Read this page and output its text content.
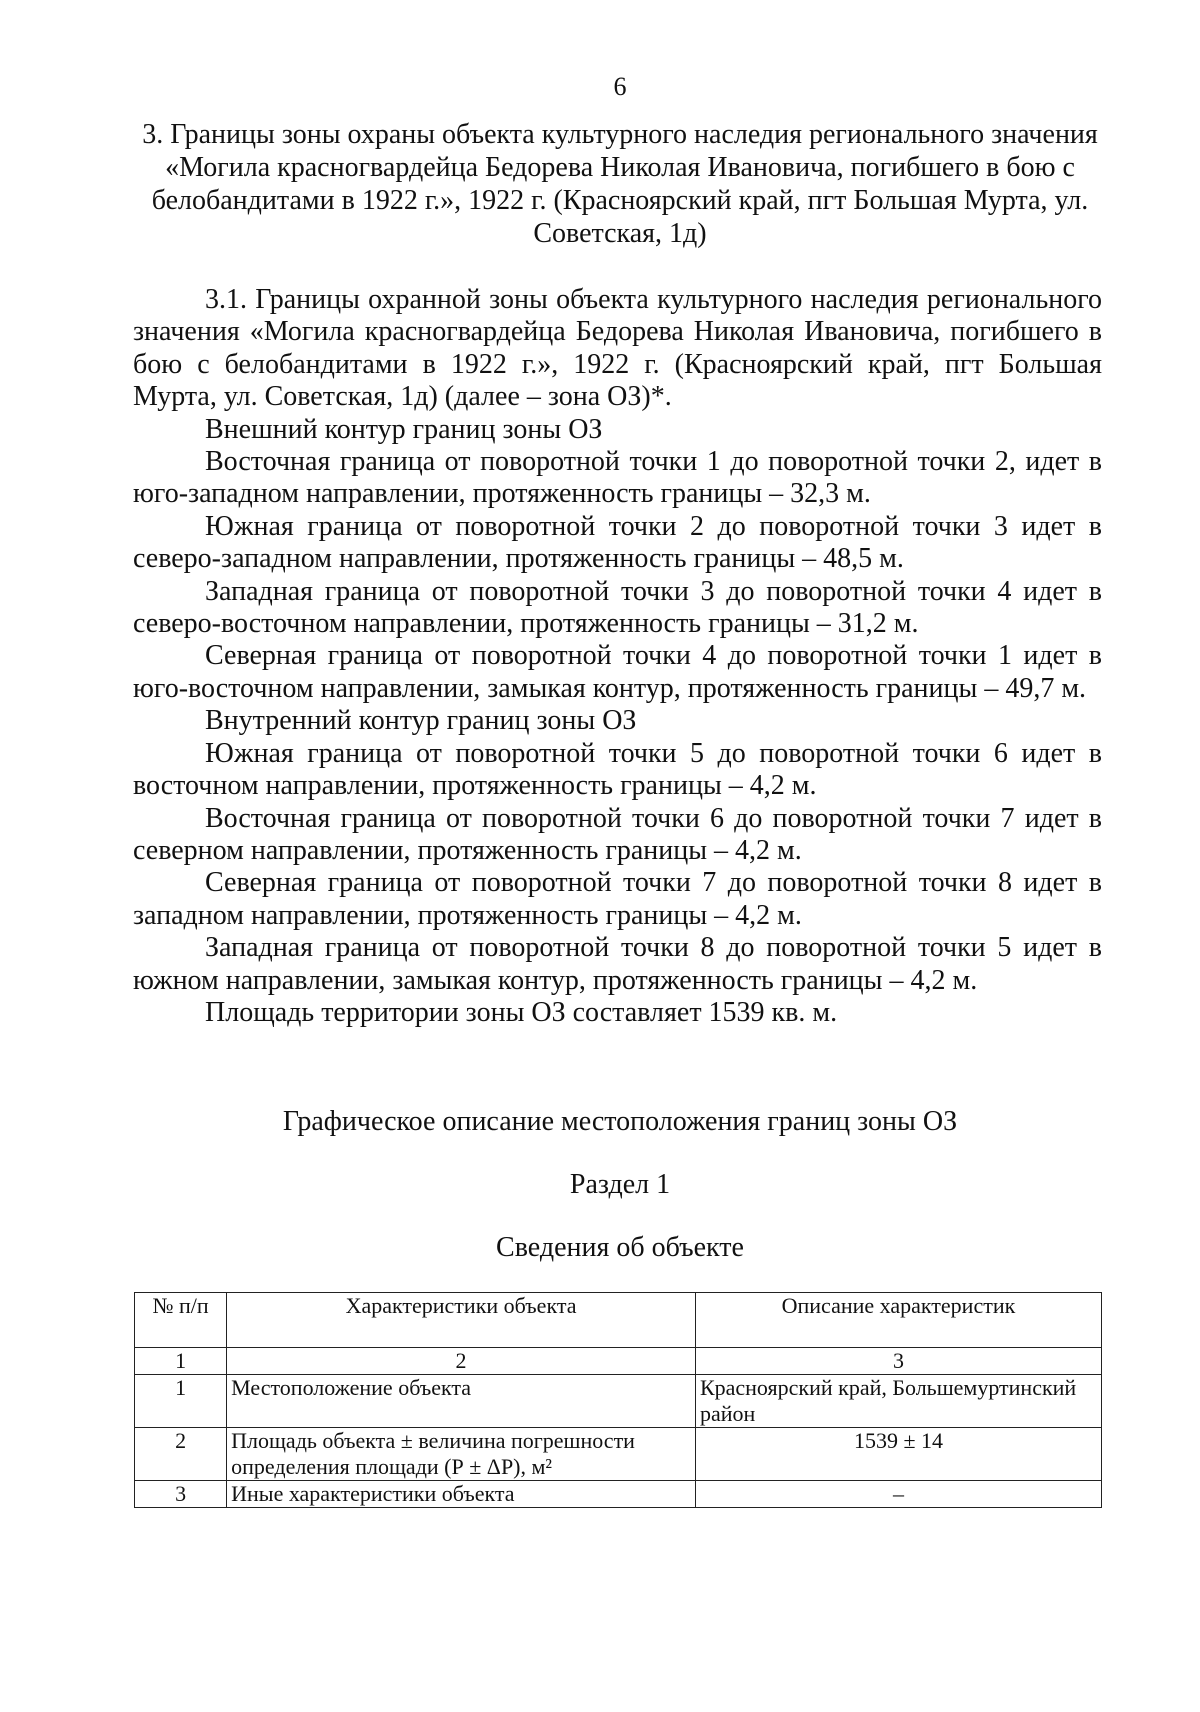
6
3. Границы зоны охраны объекта культурного наследия регионального значения «Могила красногвардейца Бедорева Николая Ивановича, погибшего в бою с белобандитами в 1922 г.», 1922 г. (Красноярский край, пгт Большая Мурта, ул. Советская, 1д)

3.1. Границы охранной зоны объекта культурного наследия регионального значения «Могила красногвардейца Бедорева Николая Ивановича, погибшего в бою с белобандитами в 1922 г.», 1922 г. (Красноярский край, пгт Большая Мурта, ул. Советская, 1д) (далее – зона ОЗ)*.

Внешний контур границ зоны ОЗ

Восточная граница от поворотной точки 1 до поворотной точки 2, идет в юго-западном направлении, протяженность границы – 32,3 м.

Южная граница от поворотной точки 2 до поворотной точки 3 идет в северо-западном направлении, протяженность границы – 48,5 м.

Западная граница от поворотной точки 3 до поворотной точки 4 идет в северо-восточном направлении, протяженность границы – 31,2 м.

Северная граница от поворотной точки 4 до поворотной точки 1 идет в юго-восточном направлении, замыкая контур, протяженность границы – 49,7 м.

Внутренний контур границ зоны ОЗ

Южная граница от поворотной точки 5 до поворотной точки 6 идет в восточном направлении, протяженность границы – 4,2 м.

Восточная граница от поворотной точки 6 до поворотной точки 7 идет в северном направлении, протяженность границы – 4,2 м.

Северная граница от поворотной точки 7 до поворотной точки 8 идет в западном направлении, протяженность границы – 4,2 м.

Западная граница от поворотной точки 8 до поворотной точки 5 идет в южном направлении, замыкая контур, протяженность границы – 4,2 м.

Площадь территории зоны ОЗ составляет 1539 кв. м.

Графическое описание местоположения границ зоны ОЗ
Раздел 1
Сведения об объекте
№ п/п	Характеристики объекта	Описание характеристик
1	2	3
1	Местоположение объекта	Красноярский край, Большемуртинский район
2	Площадь объекта ± величина погрешности определения площади (Р ± ΔР), м²	1539 ± 14
3	Иные характеристики объекта	–
